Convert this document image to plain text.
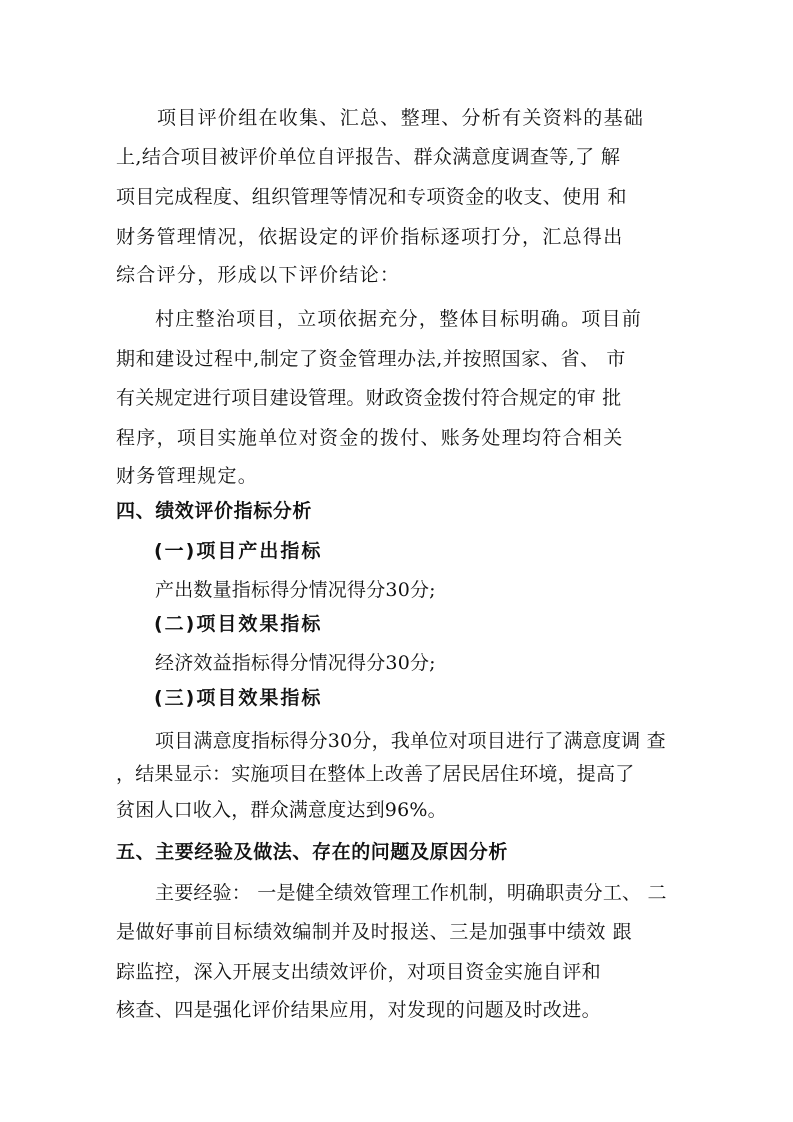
项目评价组在收集、汇总、整理、分析有关资料的基础
上,结合项目被评价单位自评报告、群众满意度调查等,了 解
项目完成程度、组织管理等情况和专项资金的收支、使用 和
财务管理情况，依据设定的评价指标逐项打分，汇总得出
综合评分，形成以下评价结论：
村庄整治项目，立项依据充分，整体目标明确。项目前
期和建设过程中,制定了资金管理办法,并按照国家、省、 市
有关规定进行项目建设管理。财政资金拨付符合规定的审 批
程序，项目实施单位对资金的拨付、账务处理均符合相关
财务管理规定。
四、绩效评价指标分析
(一)项目产出指标
产出数量指标得分情况得分30分;
(二)项目效果指标
经济效益指标得分情况得分30分;
(三)项目效果指标
项目满意度指标得分30分，我单位对项目进行了满意度调 查
，结果显示：实施项目在整体上改善了居民居住环境，提高了
贫困人口收入，群众满意度达到96%。
五、主要经验及做法、存在的问题及原因分析
主要经验： 一是健全绩效管理工作机制，明确职责分工、 二
是做好事前目标绩效编制并及时报送、三是加强事中绩效 跟
踪监控，深入开展支出绩效评价，对项目资金实施自评和
核查、四是强化评价结果应用，对发现的问题及时改进。
